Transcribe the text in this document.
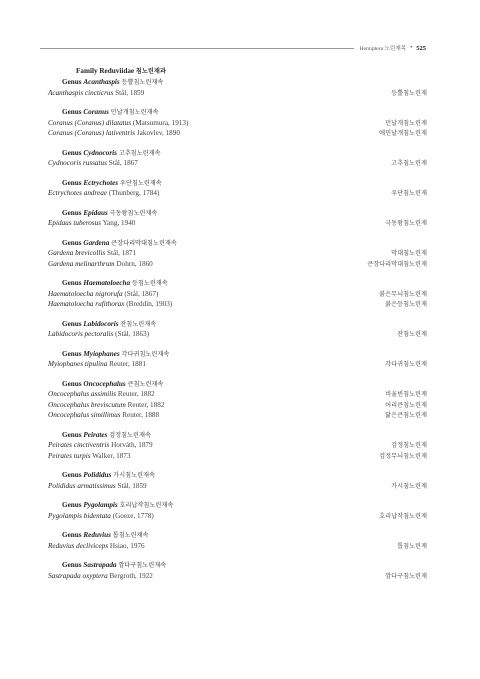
Hemiptera 노린재목 • 525
Family Reduviidae 침노린재과
Genus Acanthaspis 등뿔침노린재속
Acanthaspis cincticrus Stål, 1859	등뿔침노린재
Genus Coranus 민날개침노린재속
Coranus (Coranus) dilatatus (Matsumura, 1913)	민날개침노린재
Coranus (Coranus) lativentris Jakovlev, 1890	애민날개침노린재
Genus Cydnocoris 고추침노린재속
Cydnocoris russatus Stål, 1867	고추침노린재
Genus Ectrychotes 우단침노린재속
Ectrychotes andreae (Thunberg, 1784)	우단침노린재
Genus Epidaus 극동왕침노린재속
Epidaus tuberosus Yang, 1940	극동왕침노린재
Genus Gardena 큰장다리막대침노린재속
Gardena brevicollis Stål, 1871	막대침노린재
Gardena melinarthrum Dohrn, 1860	큰장다리막대침노린재
Genus Haematoloecha 등침노린재속
Haematoloecha nigrorufa (Stål, 1867)	붉은무늬침노린재
Haematoloecha rufithorax (Breddin, 1903)	붉은등침노린재
Genus Labidocoris 잔침노린재속
Labidocoris pectoralis (Stål, 1863)	잔침노린재
Genus Myiophanes 각다귀침노린재속
Myiophanes tipulina Reuter, 1881	각다귀침노린재
Genus Oncocephalus 큰침노린재속
Oncocephalus assimilis Reuter, 1882	비율빈침노린재
Oncocephalus breviscutum Reuter, 1882	어리큰침노린재
Oncocephalus simillimus Reuter, 1888	닮은큰침노린재
Genus Peirates 검정침노린재속
Peirates cinctiventris Horváth, 1879	검정침노린재
Peirates turpis Walker, 1873	검정무늬침노린재
Genus Polididus 가시침노린재속
Polididus armatissimus Stål, 1859	가시침노린재
Genus Pygolampis 호리납작침노린재속
Pygolampis bidentata (Goeze, 1778)	호리납작침노린재
Genus Reduvius 톱침노린재속
Reduvius decliviceps Hsiao, 1976	톱침노린재
Genus Sastrapada 깜다구침노린재속
Sastrapada oxyptera Bergroth, 1922	깜다구침노린재
